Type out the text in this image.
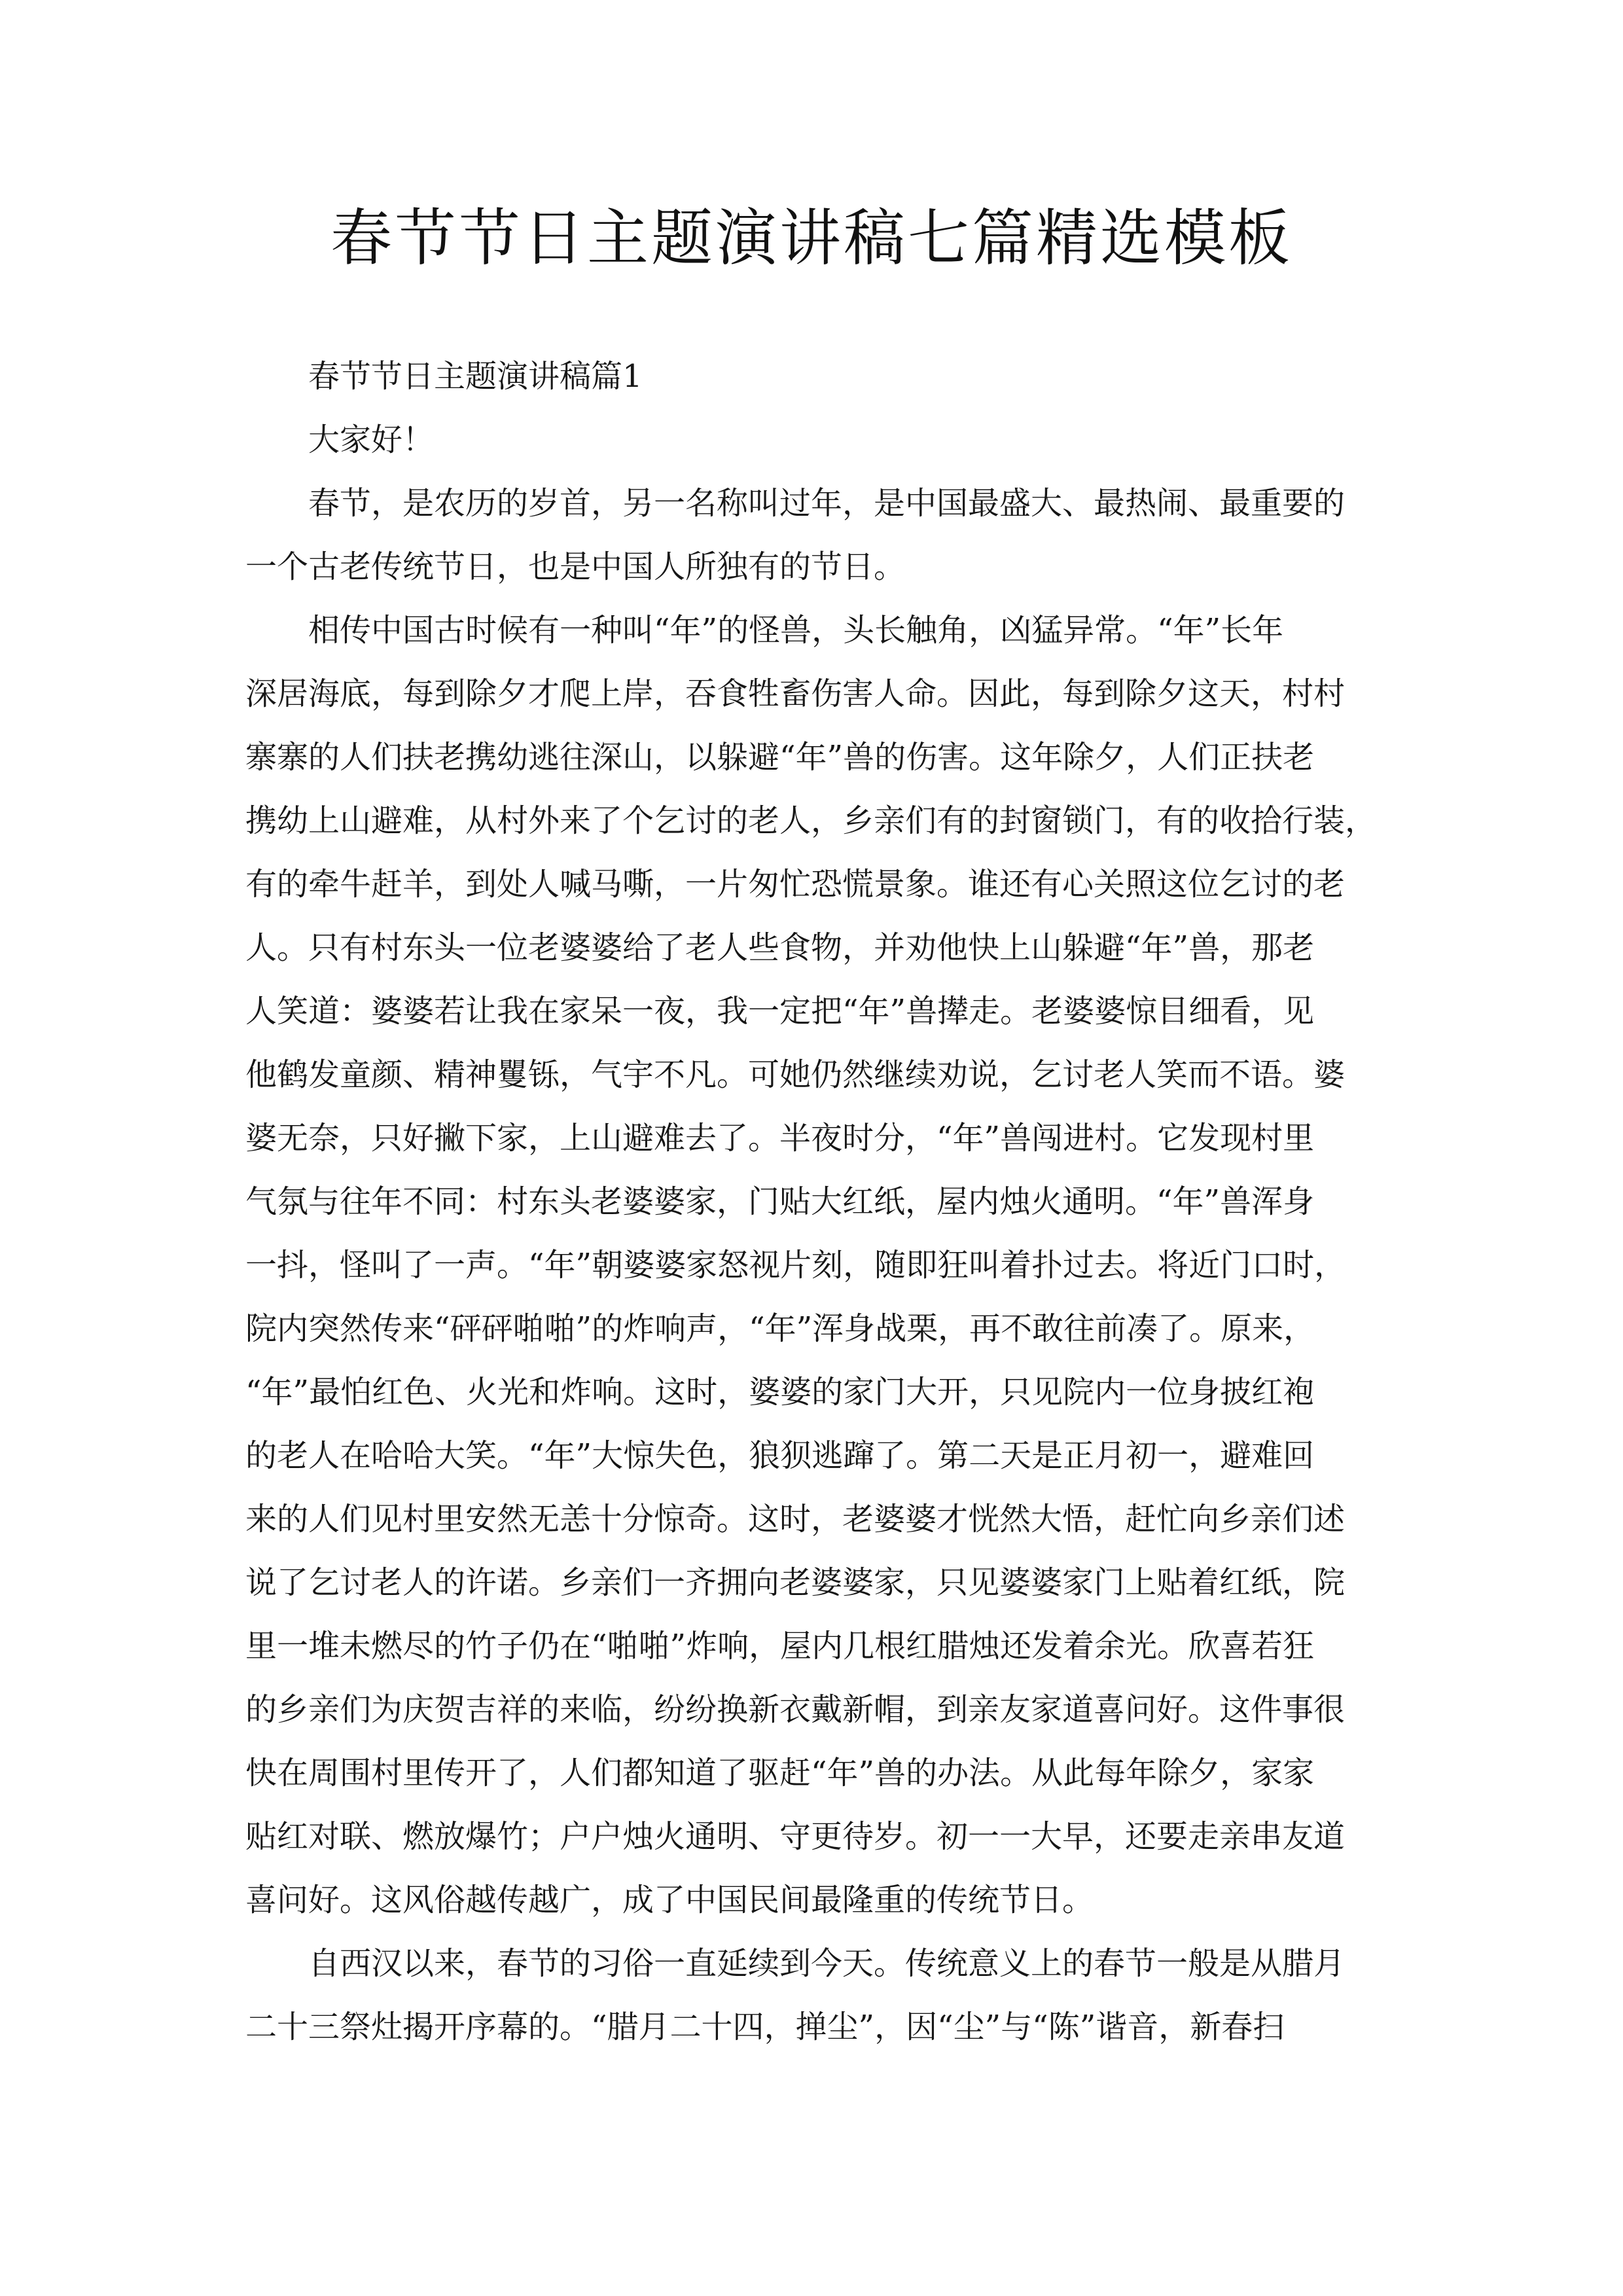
春节节日主题演讲稿七篇精选模板
春节节日主题演讲稿篇1
大家好！
春节，是农历的岁首，另一名称叫过年，是中国最盛大、最热闹、最重要的
一个古老传统节日，也是中国人所独有的节日。
相传中国古时候有一种叫“年”的怪兽，头长触角，凶猛异常。“年”长年
深居海底，每到除夕才爬上岸，吞食牲畜伤害人命。因此，每到除夕这天，村村
寨寨的人们扶老携幼逃往深山，以躲避“年”兽的伤害。这年除夕，人们正扶老
携幼上山避难，从村外来了个乞讨的老人，乡亲们有的封窗锁门，有的收拾行装，
有的牵牛赶羊，到处人喊马嘶，一片匆忙恐慌景象。谁还有心关照这位乞讨的老
人。只有村东头一位老婆婆给了老人些食物，并劝他快上山躲避“年”兽，那老
人笑道：婆婆若让我在家呆一夜，我一定把“年”兽撵走。老婆婆惊目细看，见
他鹤发童颜、精神矍铄，气宇不凡。可她仍然继续劝说，乞讨老人笑而不语。婆
婆无奈，只好撇下家，上山避难去了。半夜时分，“年”兽闯进村。它发现村里
气氛与往年不同：村东头老婆婆家，门贴大红纸，屋内烛火通明。“年”兽浑身
一抖，怪叫了一声。“年”朝婆婆家怒视片刻，随即狂叫着扑过去。将近门口时，
院内突然传来“砰砰啪啪”的炸响声，“年”浑身战栗，再不敢往前凑了。原来，
“年”最怕红色、火光和炸响。这时，婆婆的家门大开，只见院内一位身披红袍
的老人在哈哈大笑。“年”大惊失色，狼狈逃蹿了。第二天是正月初一，避难回
来的人们见村里安然无恙十分惊奇。这时，老婆婆才恍然大悟，赶忙向乡亲们述
说了乞讨老人的许诺。乡亲们一齐拥向老婆婆家，只见婆婆家门上贴着红纸，院
里一堆未燃尽的竹子仍在“啪啪”炸响，屋内几根红腊烛还发着余光。欣喜若狂
的乡亲们为庆贺吉祥的来临，纷纷换新衣戴新帽，到亲友家道喜问好。这件事很
快在周围村里传开了，人们都知道了驱赶“年”兽的办法。从此每年除夕，家家
贴红对联、燃放爆竹；户户烛火通明、守更待岁。初一一大早，还要走亲串友道
喜问好。这风俗越传越广，成了中国民间最隆重的传统节日。
自西汉以来，春节的习俗一直延续到今天。传统意义上的春节一般是从腊月
二十三祭灶揭开序幕的。“腊月二十四，掸尘”，因“尘”与“陈”谐音，新春扫
